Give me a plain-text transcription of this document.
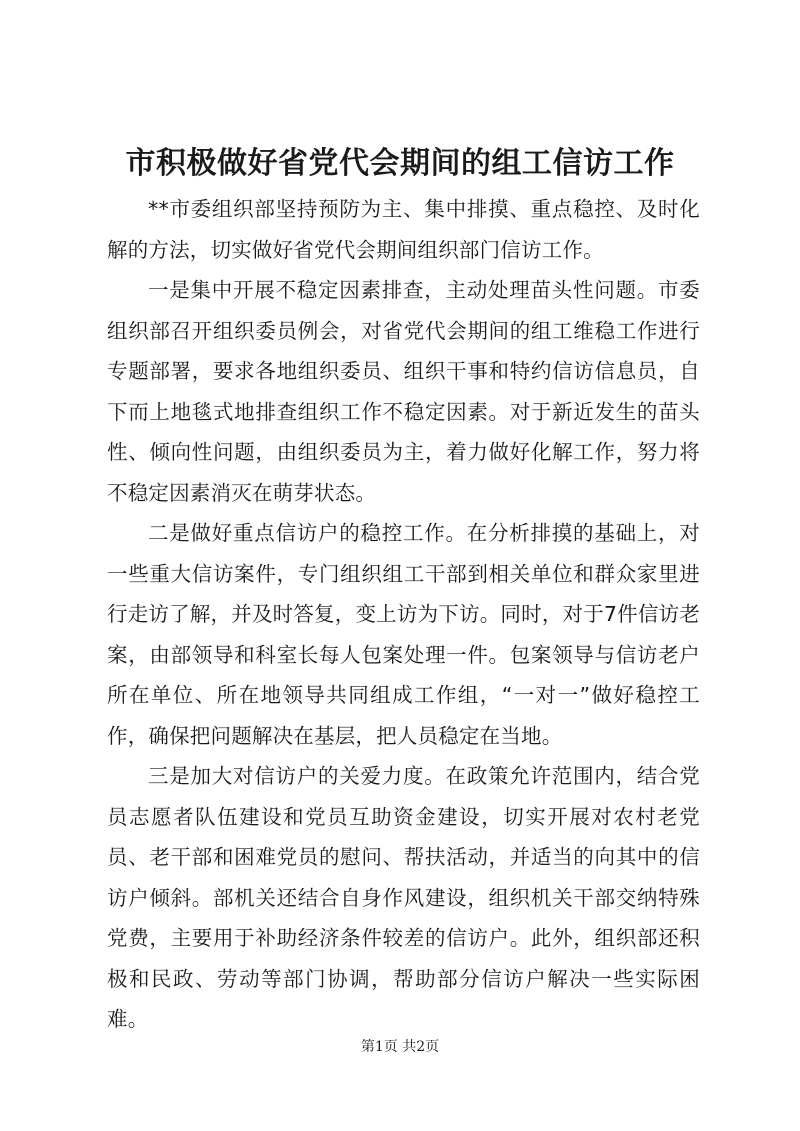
市积极做好省党代会期间的组工信访工作

**市委组织部坚持预防为主、集中排摸、重点稳控、及时化解的方法，切实做好省党代会期间组织部门信访工作。

一是集中开展不稳定因素排查，主动处理苗头性问题。市委组织部召开组织委员例会，对省党代会期间的组工维稳工作进行专题部署，要求各地组织委员、组织干事和特约信访信息员，自下而上地毯式地排查组织工作不稳定因素。对于新近发生的苗头性、倾向性问题，由组织委员为主，着力做好化解工作，努力将不稳定因素消灭在萌芽状态。

二是做好重点信访户的稳控工作。在分析排摸的基础上，对一些重大信访案件，专门组织组工干部到相关单位和群众家里进行走访了解，并及时答复，变上访为下访。同时，对于7件信访老案，由部领导和科室长每人包案处理一件。包案领导与信访老户所在单位、所在地领导共同组成工作组，“一对一”做好稳控工作，确保把问题解决在基层，把人员稳定在当地。

三是加大对信访户的关爱力度。在政策允许范围内，结合党员志愿者队伍建设和党员互助资金建设，切实开展对农村老党员、老干部和困难党员的慰问、帮扶活动，并适当的向其中的信访户倾斜。部机关还结合自身作风建设，组织机关干部交纳特殊党费，主要用于补助经济条件较差的信访户。此外，组织部还积极和民政、劳动等部门协调，帮助部分信访户解决一些实际困难。

第1页 共2页
